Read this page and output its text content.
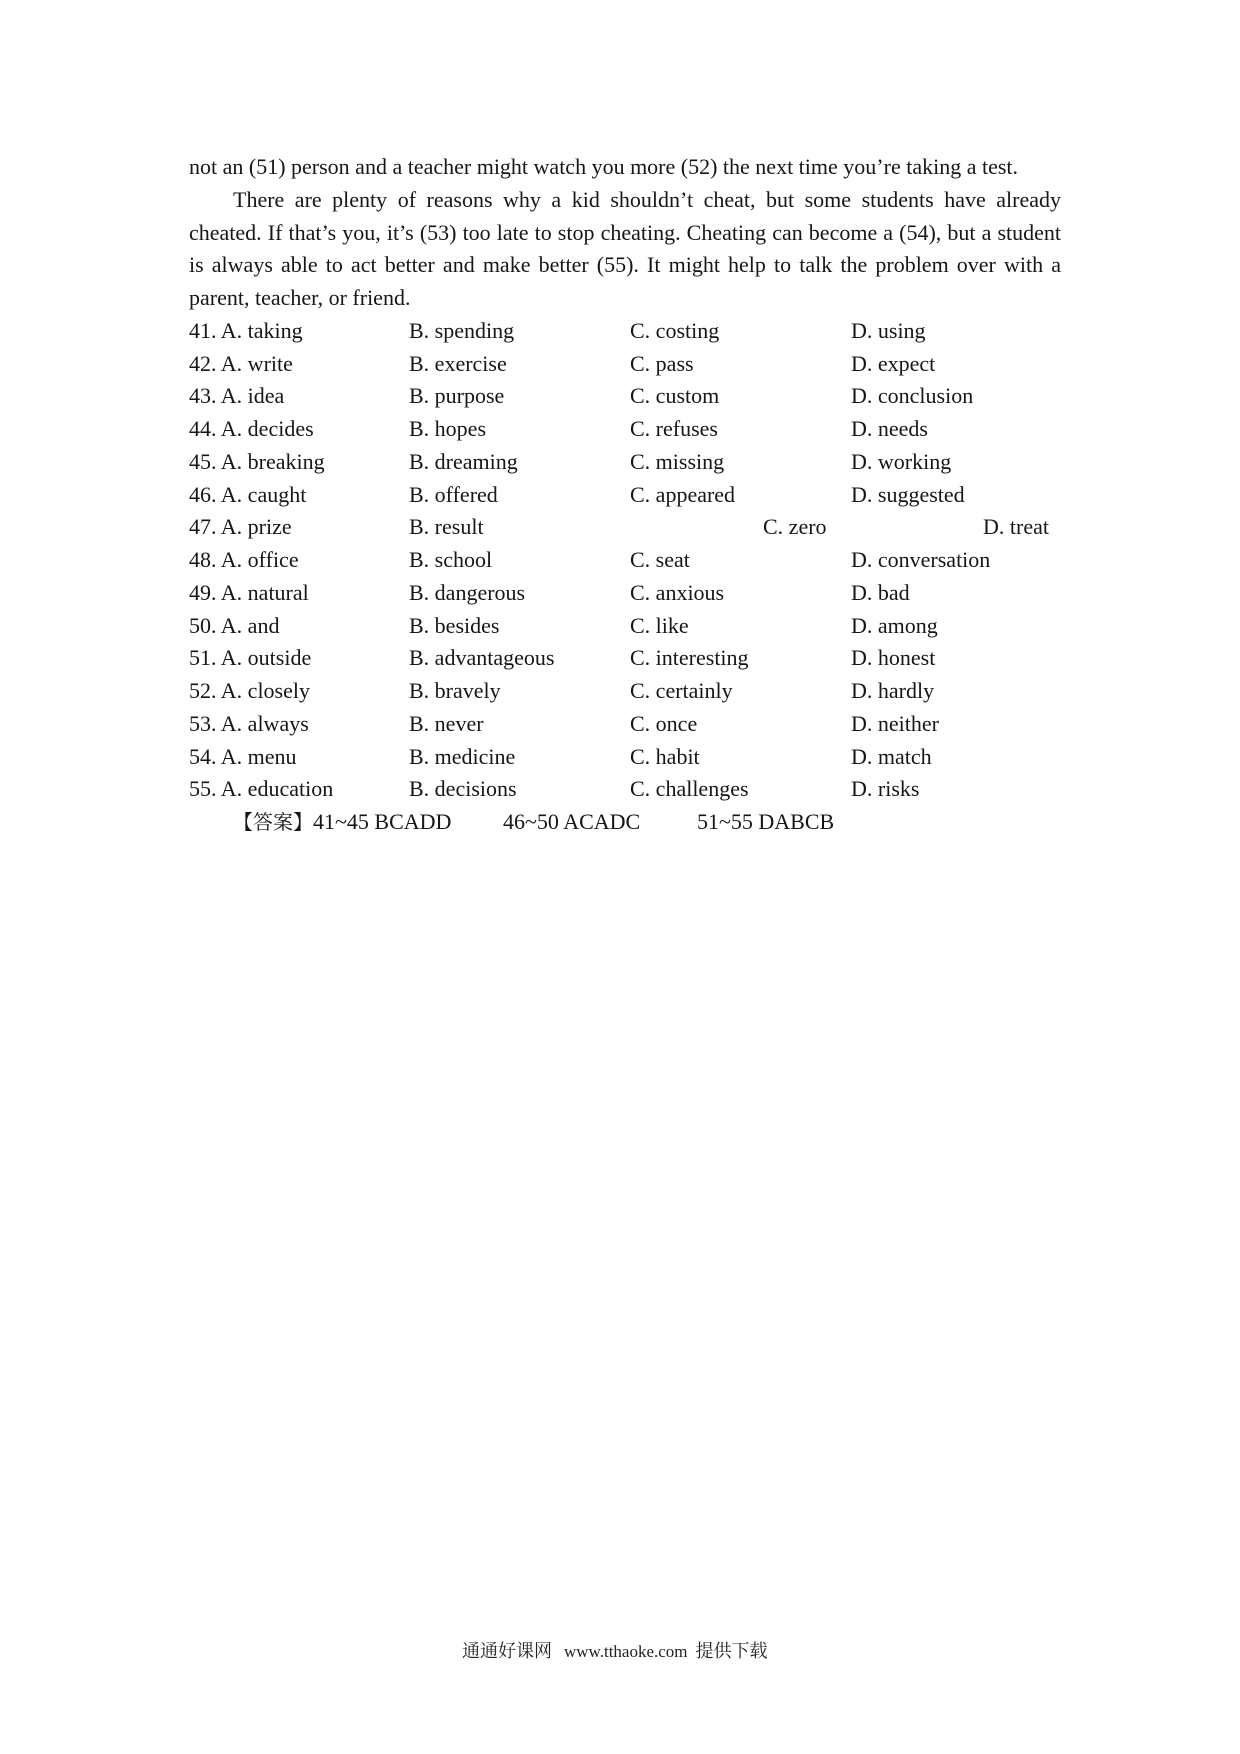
not an (51) person and a teacher might watch you more (52) the next time you’re taking a test.
There are plenty of reasons why a kid shouldn’t cheat, but some students have already
cheated. If that’s you, it’s (53) too late to stop cheating. Cheating can become a (54), but a student
is always able to act better and make better (55). It might help to talk the problem over with a
parent, teacher, or friend.
41. A. taking	B. spending	C. costing	D. using
42. A. write	B. exercise	C. pass	D. expect
43. A. idea	B. purpose	C. custom	D. conclusion
44. A. decides	B. hopes	C. refuses	D. needs
45. A. breaking	B. dreaming	C. missing	D. working
46. A. caught	B. offered	C. appeared	D. suggested
47. A. prize	B. result	C. zero	D. treat
48. A. office	B. school	C. seat	D. conversation
49. A. natural	B. dangerous	C. anxious	D. bad
50. A. and	B. besides	C. like	D. among
51. A. outside	B. advantageous	C. interesting	D. honest
52. A. closely	B. bravely	C. certainly	D. hardly
53. A. always	B. never	C. once	D. neither
54. A. menu	B. medicine	C. habit	D. match
55. A. education	B. decisions	C. challenges	D. risks
【答案】41~45 BCADD 46~50 ACADC	51~55 DABCB
通通好课网 www.tthaoke.com 提供下载
